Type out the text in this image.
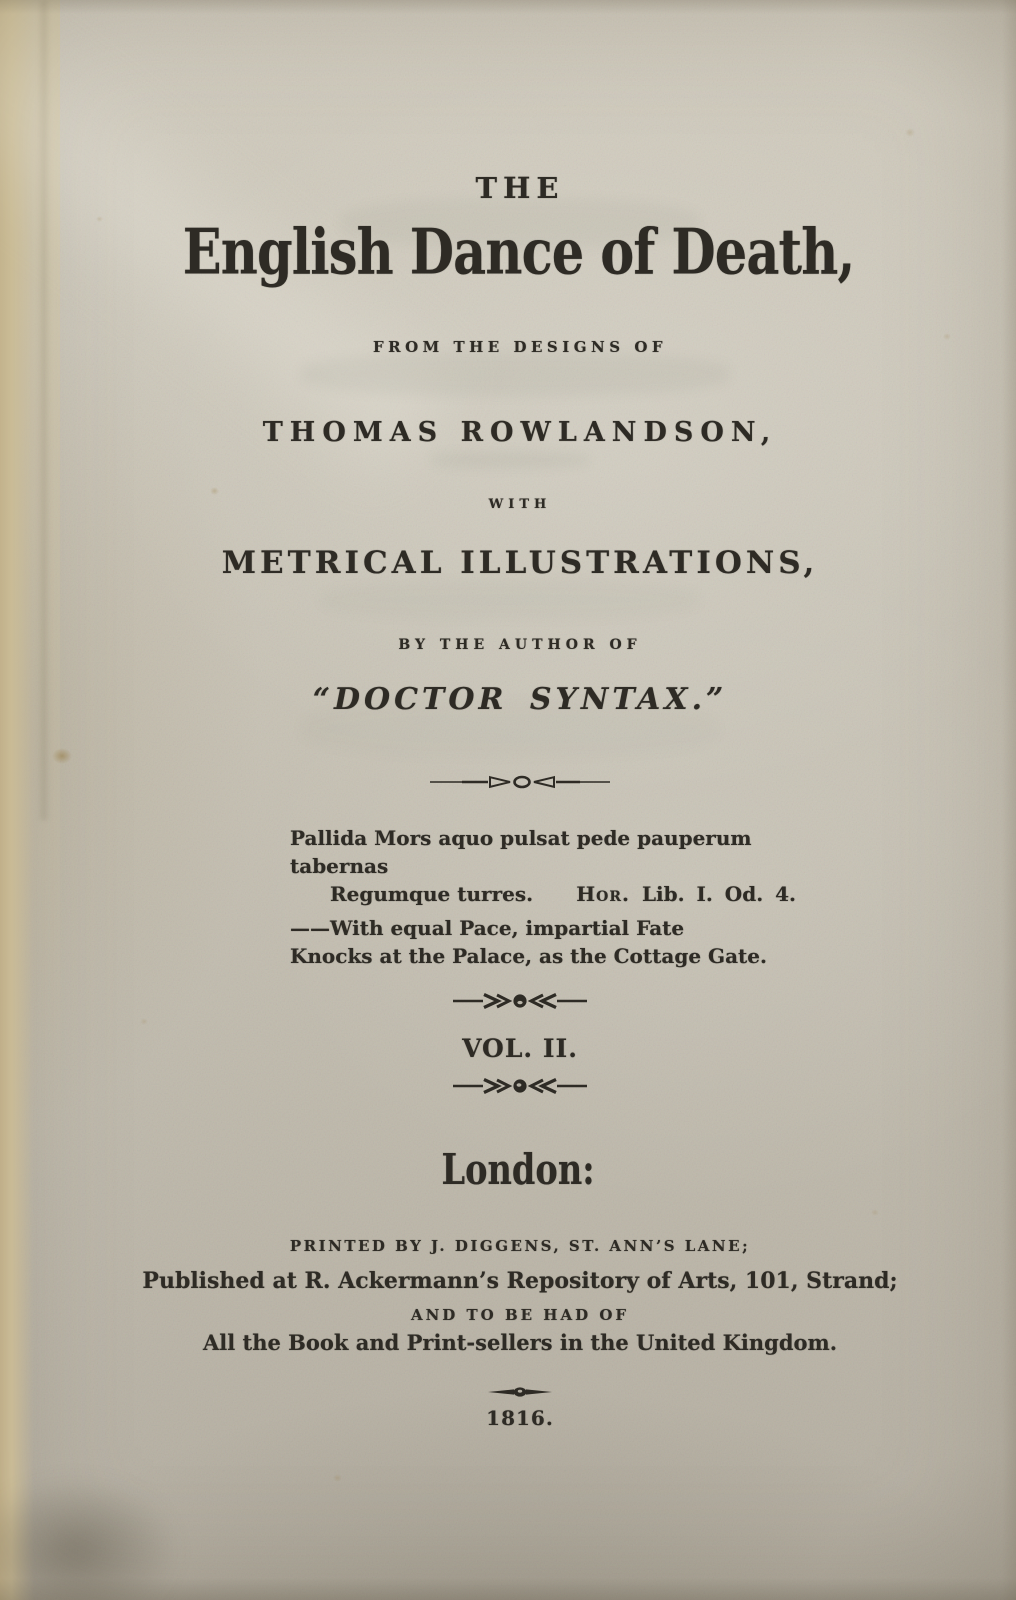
THE
English Dance of Death,
FROM THE DESIGNS OF
THOMAS ROWLANDSON,
WITH
METRICAL ILLUSTRATIONS,
BY THE AUTHOR OF
“DOCTOR SYNTAX.”
Pallida Mors aquo pulsat pede pauperum tabernas
Regumque turres. Hor. Lib. I. Od. 4.
——With equal Pace, impartial Fate
Knocks at the Palace, as the Cottage Gate.
VOL. II.
London:
PRINTED BY J. DIGGENS, ST. ANN’S LANE;
Published at R. Ackermann’s Repository of Arts, 101, Strand;
AND TO BE HAD OF
All the Book and Print-sellers in the United Kingdom.
1816.
